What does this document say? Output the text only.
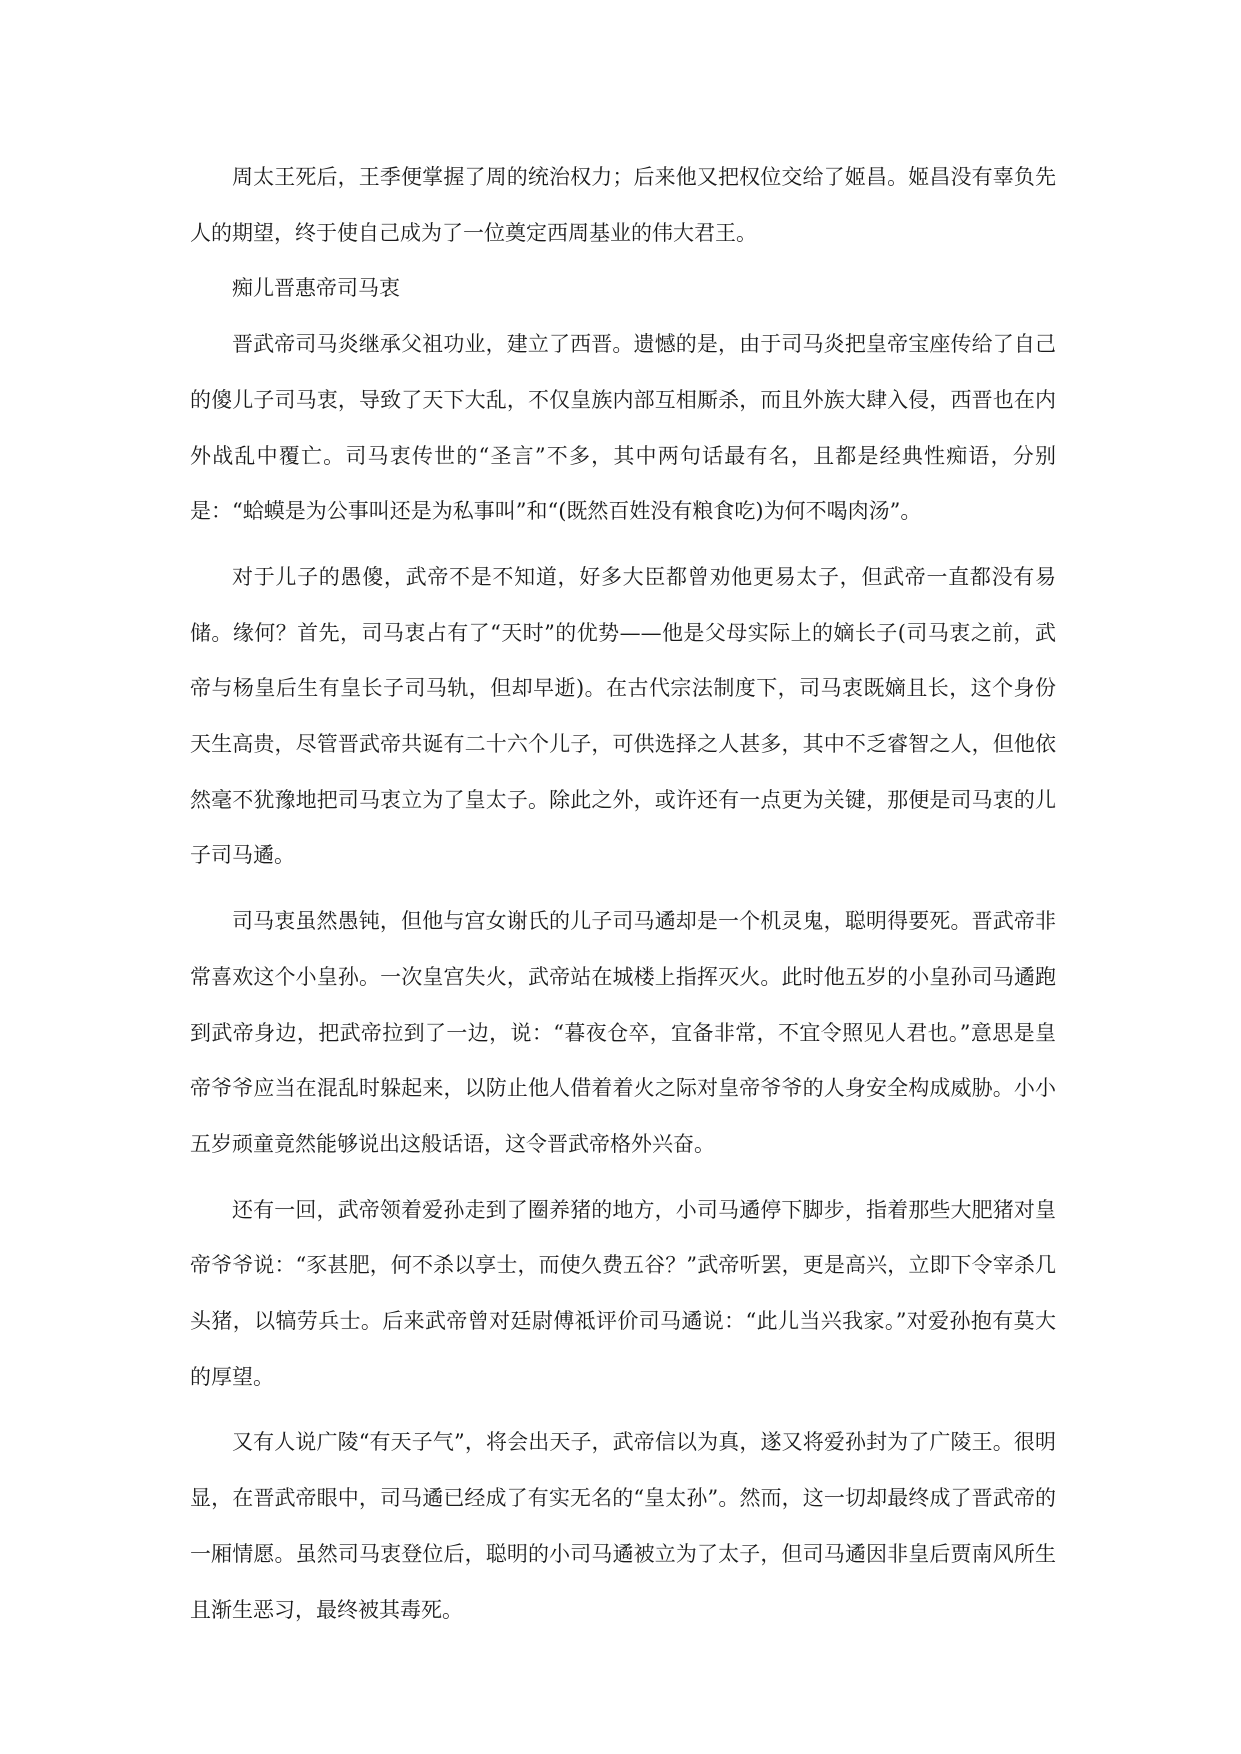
周太王死后，王季便掌握了周的统治权力；后来他又把权位交给了姬昌。姬昌没有辜负先人的期望，终于使自己成为了一位奠定西周基业的伟大君王。

痴儿晋惠帝司马衷

晋武帝司马炎继承父祖功业，建立了西晋。遗憾的是，由于司马炎把皇帝宝座传给了自己的傻儿子司马衷，导致了天下大乱，不仅皇族内部互相厮杀，而且外族大肆入侵，西晋也在内外战乱中覆亡。司马衷传世的“圣言”不多，其中两句话最有名，且都是经典性痴语，分别是：“蛤蟆是为公事叫还是为私事叫”和“(既然百姓没有粮食吃)为何不喝肉汤”。

对于儿子的愚傻，武帝不是不知道，好多大臣都曾劝他更易太子，但武帝一直都没有易储。缘何？首先，司马衷占有了“天时”的优势——他是父母实际上的嫡长子(司马衷之前，武帝与杨皇后生有皇长子司马轨，但却早逝)。在古代宗法制度下，司马衷既嫡且长，这个身份天生高贵，尽管晋武帝共诞有二十六个儿子，可供选择之人甚多，其中不乏睿智之人，但他依然毫不犹豫地把司马衷立为了皇太子。除此之外，或许还有一点更为关键，那便是司马衷的儿子司马遹。

司马衷虽然愚钝，但他与宫女谢氏的儿子司马遹却是一个机灵鬼，聪明得要死。晋武帝非常喜欢这个小皇孙。一次皇宫失火，武帝站在城楼上指挥灭火。此时他五岁的小皇孙司马遹跑到武帝身边，把武帝拉到了一边，说：“暮夜仓卒，宜备非常，不宜令照见人君也。”意思是皇帝爷爷应当在混乱时躲起来，以防止他人借着着火之际对皇帝爷爷的人身安全构成威胁。小小五岁顽童竟然能够说出这般话语，这令晋武帝格外兴奋。

还有一回，武帝领着爱孙走到了圈养猪的地方，小司马遹停下脚步，指着那些大肥猪对皇帝爷爷说：“豕甚肥，何不杀以享士，而使久费五谷？”武帝听罢，更是高兴，立即下令宰杀几头猪，以犒劳兵士。后来武帝曾对廷尉傅祗评价司马遹说：“此儿当兴我家。”对爱孙抱有莫大的厚望。

又有人说广陵“有天子气”，将会出天子，武帝信以为真，遂又将爱孙封为了广陵王。很明显，在晋武帝眼中，司马遹已经成了有实无名的“皇太孙”。然而，这一切却最终成了晋武帝的一厢情愿。虽然司马衷登位后，聪明的小司马遹被立为了太子，但司马遹因非皇后贾南风所生且渐生恶习，最终被其毒死。
